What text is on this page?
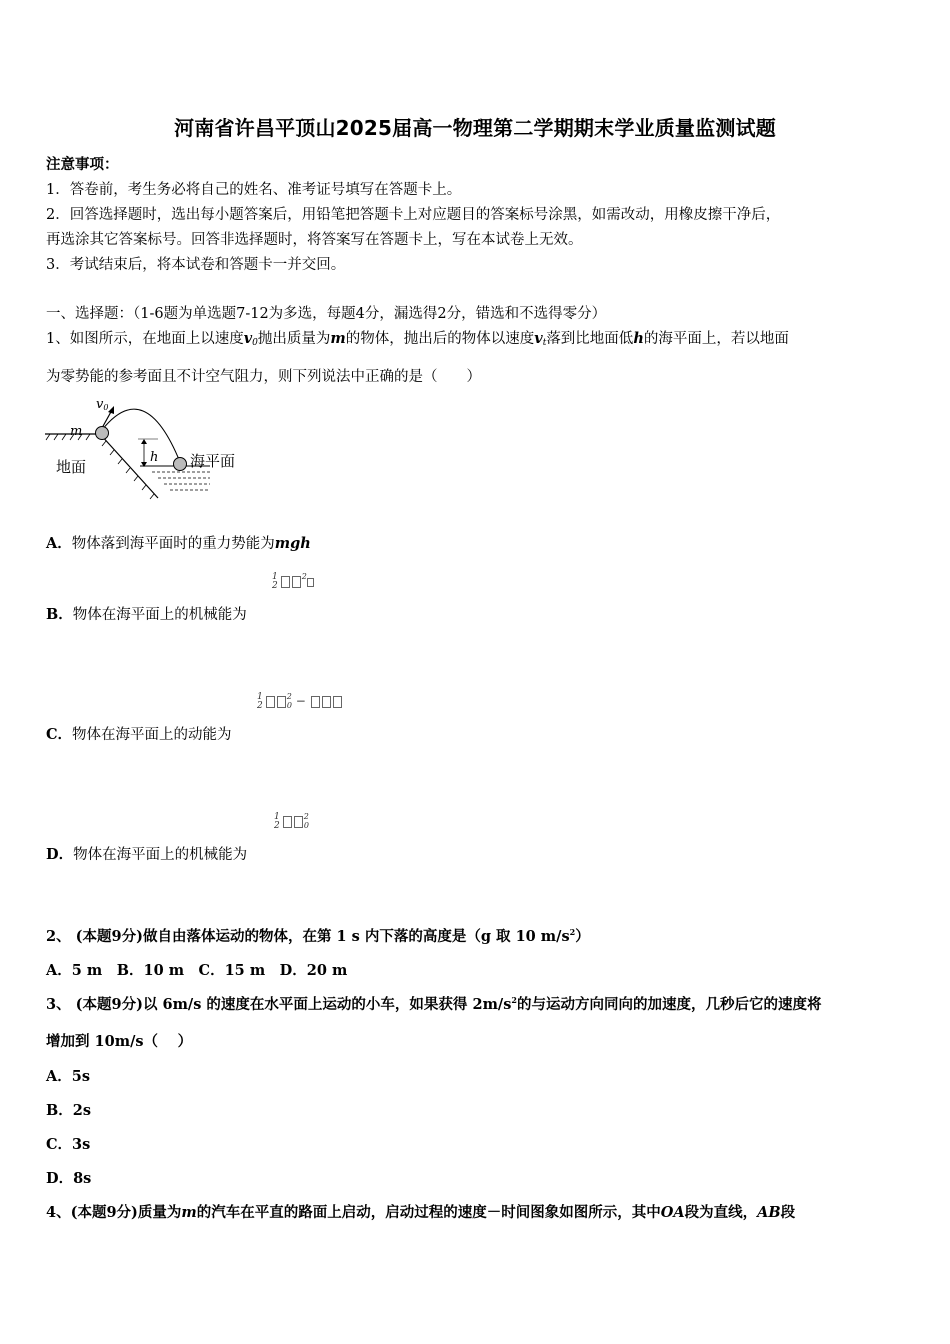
河南省许昌平顶山2025届高一物理第二学期期末学业质量监测试题
注意事项：
1．答卷前，考生务必将自己的姓名、准考证号填写在答题卡上。
2．回答选择题时，选出每小题答案后，用铅笔把答题卡上对应题目的答案标号涂黑，如需改动，用橡皮擦干净后，
再选涂其它答案标号。回答非选择题时，将答案写在答题卡上，写在本试卷上无效。
3．考试结束后，将本试卷和答题卡一并交回。
一、选择题：（1-6题为单选题7-12为多选，每题4分，漏选得2分，错选和不选得零分）
1、如图所示，在地面上以速度$v_0$抛出质量为m的物体，抛出后的物体以速度$v_t$落到比地面低h的海平面上，若以地面
为零势能的参考面且不计空气阻力，则下列说法中正确的是（　　）
v0
m
h
地面	海平面
A．物体落到海平面时的重力势能为mgh
1
2
$^2$
B．物体在海平面上的机械能为
1
2
$^2_0$ −
C．物体在海平面上的动能为
1
2
$^2_0$
D．物体在海平面上的机械能为
2、 (本题9分)做自由落体运动的物体，在第 1 s 内下落的高度是（g 取 10 $m/s^2$）
A．5 m　B．10 m　C．15 m　D．20 m
3、 (本题9分)以 6m/s 的速度在水平面上运动的小车，如果获得 $2m/s^2$的与运动方向同向的加速度，几秒后它的速度将
增加到 10m/s（　 ）
A．5s
B．2s
C．3s
D．8s
4、(本题9分)质量为m的汽车在平直的路面上启动，启动过程的速度－时间图象如图所示，其中OA段为直线，AB段
